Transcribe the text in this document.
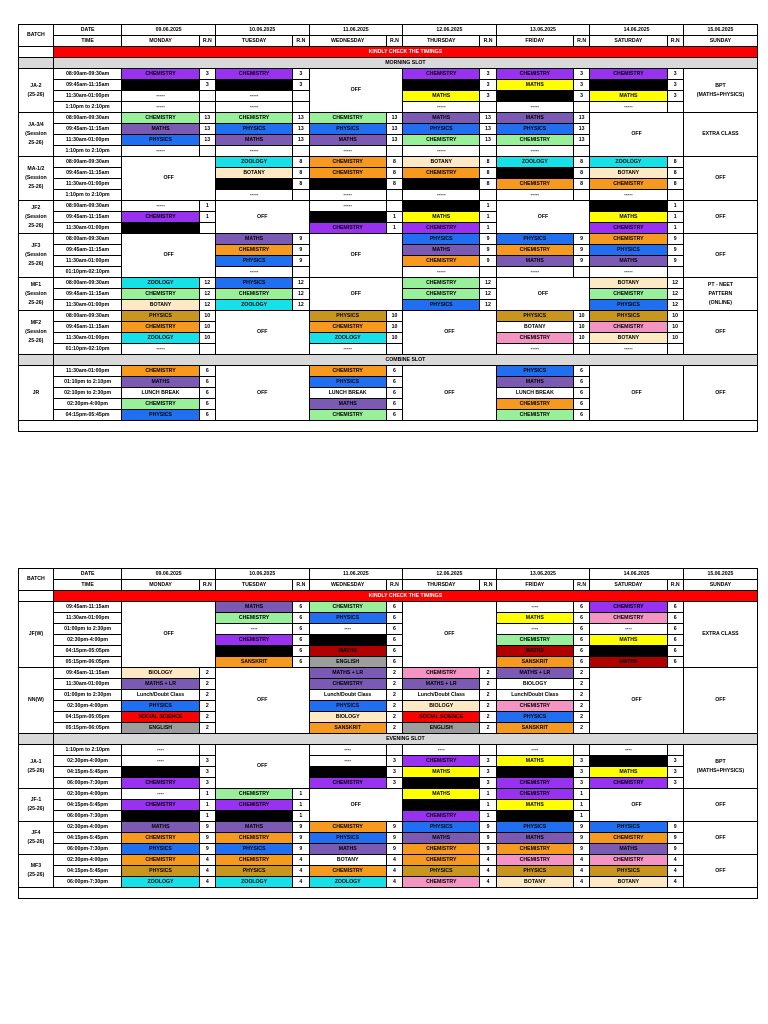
BATCH	DATE	09.06.2025		10.06.2025		11.06.2025		12.06.2025		13.06.2025		14.06.2025		15.06.2025
	TIME	MONDAY	R.N	TUESDAY	R.N	WEDNESDAY	R.N	THURSDAY	R.N	FRIDAY	R.N	SATURDAY	R.N	SUNDAY
	KINDLY CHECK THE TIMINGS													
	MORNING SLOT													
JA-2
(25-26)	08:00am-09:30am	CHEMISTRY	3	CHEMISTRY	3	OFF		CHEMISTRY	3	CHEMISTRY	3	CHEMISTRY	3	BPT
(MATHS+PHYSICS)
	09:45am-11:15am	PHYSICS	3	PHYSICS	3			PHYSICS	3	MATHS	3	PHYSICS	3	
	11:30am-01:00pm	-----		-----				MATHS	3	PHYSICS	3	MATHS	3	
	1:10pm to 2:10pm	-----		-----				-----		-----		-----		
JA-3/4
(Session
25-26)	08:00am-09:30am	CHEMISTRY	13	CHEMISTRY	13	CHEMISTRY	13	MATHS	13	MATHS	13	OFF		EXTRA CLASS
	09:45am-11:15am	MATHS	13	PHYSICS	13	PHYSICS	13	PHYSICS	13	PHYSICS	13			
	11:30am-01:00pm	PHYSICS	13	MATHS	13	MATHS	13	CHEMISTRY	13	CHEMISTRY	13			
	1:10pm to 2:10pm	-----		-----		-----		-----		-----				
MA-1/2
(Session
25-26)	08:00am-09:30am	OFF		ZOOLOGY	8	CHEMISTRY	8	BOTANY	8	ZOOLOGY	8	ZOOLOGY	8	OFF
	09:45am-11:15am			BOTANY	8	CHEMISTRY	8	CHEMISTRY	8	PHYSICS	8	BOTANY	8	
	11:30am-01:00pm			PHYSICS	8	PHYSICS	8	PHYSICS	8	CHEMISTRY	8	CHEMISTRY	8	
	1:10pm to 2:10pm			-----		-----		-----		-----		-----		
JF2
(Session
25-26)	08:00am-09:30am	-----	1	OFF		-----		PHYSICS	1	OFF		PHYSICS	1	OFF
	09:45am-11:15am	CHEMISTRY	1			PHYSICS	1	MATHS	1			MATHS	1	
	11:30am-01:00pm	PHYSICS				CHEMISTRY	1	CHEMISTRY	1			CHEMISTRY	1	
JF3
(Session
25-26)	08:00am-09:30am	OFF		MATHS	9	OFF		PHYSICS	9	PHYSICS	9	CHEMISTRY	9	OFF
	09:45am-11:15am			CHEMISTRY	9			MATHS	9	CHEMISTRY	9	PHYSICS	9	
	11:30am-01:00pm			PHYSICS	9			CHEMISTRY	9	MATHS	9	MATHS	9	
	01:10pm-02:10pm			-----				-----		-----		-----		
MF1
(Session
25-26)	08:00am-09:30am	ZOOLOGY	12	PHYSICS	12	OFF		CHEMISTRY	12	OFF		BOTANY	12	PT - NEET
PATTERN
(ONLINE)
	09:45am-11:15am	CHEMISTRY	12	CHEMISTRY	12			CHEMISTRY	12			CHEMISTRY	12	
	11:30am-01:00pm	BOTANY	12	ZOOLOGY	12			PHYSICS	12			PHYSICS	12	
MF2
(Session
25-26)	08:00am-09:30am	PHYSICS	10	OFF		PHYSICS	10	OFF		PHYSICS	10	PHYSICS	10	OFF
	09:45am-11:15am	CHEMISTRY	10			CHEMISTRY	10			BOTANY	10	CHEMISTRY	10	
	11:30am-01:00pm	ZOOLOGY	10			ZOOLOGY	10			CHEMISTRY	10	BOTANY	10	
	01:10pm-02:10pm	-----				-----				-----		-----		
	COMBINE SLOT													
JR	11:30am-01:00pm	CHEMISTRY	6	OFF		CHEMISTRY	6	OFF		PHYSICS	6	OFF		OFF
	01:10pm to 2:10pm	MATHS	6			PHYSICS	6			MATHS	6			
	02:10pm to 2:30pm	LUNCH BREAK	6			LUNCH BREAK	6			LUNCH BREAK	6			
	02:30pm-4:00pm	CHEMISTRY	6			MATHS	6			CHEMISTRY	6			
	04:15pm-05:45pm	PHYSICS	6			CHEMISTRY	6			CHEMISTRY	6			

BATCH	DATE	09.06.2025		10.06.2025		11.06.2025		12.06.2025		13.06.2025		14.06.2025		15.06.2025
	TIME	MONDAY	R.N	TUESDAY	R.N	WEDNESDAY	R.N	THURSDAY	R.N	FRIDAY	R.N	SATURDAY	R.N	SUNDAY
	KINDLY CHECK THE TIMINGS													
JF(W)	09:45am-11:15am	OFF		MATHS	6	CHEMISTRY	6	OFF		----	6	CHEMISTRY	6	EXTRA CLASS
	11:30am-01:00pm			CHEMISTRY	6	PHYSICS	6			MATHS	6	CHEMISTRY	6	
	01:00pm to 2:30pm			----	6	----	6			----	6	----	6	
	02:30pm-4:00pm			CHEMISTRY	6	PHYSICS	6			CHEMISTRY	6	MATHS	6	
	04:15pm-05:05pm			PHYSICS	6	MATHS	6			MATHS	6	PHYSICS	6	
	05:15pm-06:05pm			SANSKRIT	6	ENGLISH	6			SANSKRIT	6	MATHS	6	
NN(W)	09:45am-11:15am	BIOLOGY	2	OFF		MATHS + LR	2	CHEMISTRY	2	MATHS + LR	2	OFF		OFF
	11:30am-01:00pm	MATHS + LR	2			CHEMISTRY	2	MATHS + LR	2	BIOLOGY	2			
	01:00pm to 2:30pm	Lunch/Doubt Class	2			Lunch/Doubt Class	2	Lunch/Doubt Class	2	Lunch/Doubt Class	2			
	02:30pm-4:00pm	PHYSICS	2			PHYSICS	2	BIOLOGY	2	CHEMISTRY	2			
	04:15pm-05:05pm	SOCIAL SCIENCE	2			BIOLOGY	2	SOCIAL SCIENCE	2	PHYSICS	2			
	05:15pm-06:05pm	ENGLISH	2			SANSKRIT	2	ENGLISH	2	SANSKRIT	2			
	EVENING SLOT													
JA-1
(25-26)	1:10pm to 2:10pm	----		OFF		----		----		----		----		BPT
(MATHS+PHYSICS)
	02:30pm-4:00pm	----	3			----	3	CHEMISTRY	3	MATHS	3	PHYSICS	3	
	04:15pm-5:45pm	PHYSICS	3			PHYSICS	3	MATHS	3	PHYSICS	3	MATHS	3	
	06:00pm-7:30pm	CHEMISTRY	3			CHEMISTRY	3	PHYSICS	3	CHEMISTRY	3	CHEMISTRY	3	
JF-1
(25-26)	02:30pm-4:00pm	----	1	CHEMISTRY	1	OFF		MATHS	1	CHEMISTRY	1	OFF		OFF
	04:15pm-5:45pm	CHEMISTRY	1	CHEMISTRY	1			PHYSICS	1	MATHS	1			
	06:00pm-7:30pm	PHYSICS	1	PHYSICS	1			CHEMISTRY	1	PHYSICS	1			
JF4
(25-26)	02:30pm-4:00pm	MATHS	9	MATHS	9	CHEMISTRY	9	PHYSICS	9	PHYSICS	9	PHYSICS	9	OFF
	04:15pm-5:45pm	CHEMISTRY	9	CHEMISTRY	9	PHYSICS	9	MATHS	9	MATHS	9	CHEMISTRY	9	
	06:00pm-7:30pm	PHYSICS	9	PHYSICS	9	MATHS	9	CHEMISTRY	9	CHEMISTRY	9	MATHS	9	
MF3
(25-26)	02:30pm-4:00pm	CHEMISTRY	4	CHEMISTRY	4	BOTANY	4	CHEMISTRY	4	CHEMISTRY	4	CHEMISTRY	4	OFF
	04:15pm-5:45pm	PHYSICS	4	PHYSICS	4	CHEMISTRY	4	PHYSICS	4	PHYSICS	4	PHYSICS	4	
	06:00pm-7:30pm	ZOOLOGY	4	ZOOLOGY	4	ZOOLOGY	4	CHEMISTRY	4	BOTANY	4	BOTANY	4	
